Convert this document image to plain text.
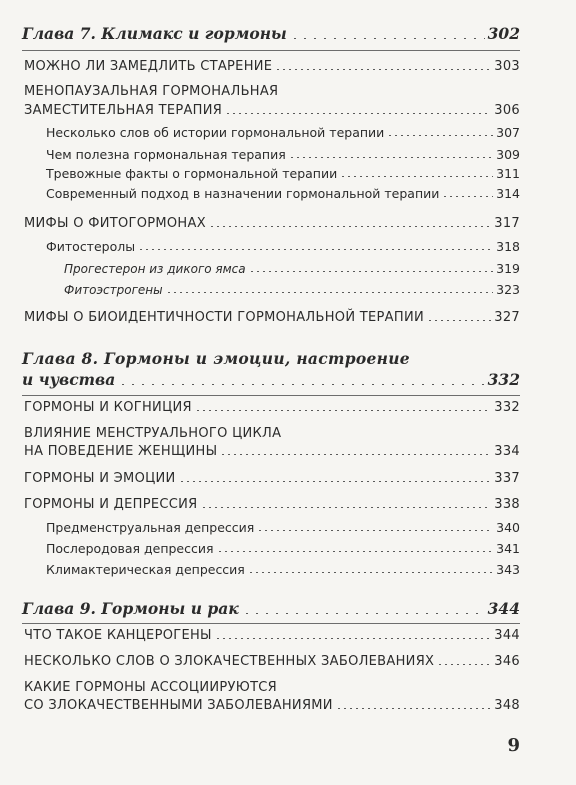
Глава 7. Климакс и гормоны	302
МОЖНО ЛИ ЗАМЕДЛИТЬ СТАРЕНИЕ	303
МЕНОПАУЗАЛЬНАЯ ГОРМОНАЛЬНАЯ
ЗАМЕСТИТЕЛЬНАЯ ТЕРАПИЯ	306
Несколько слов об истории гормональной терапии	307
Чем полезна гормональная терапия	309
Тревожные факты о гормональной терапии	311
Современный подход в назначении гормональной терапии	314
МИФЫ О ФИТОГОРМОНАХ	317
Фитостеролы	318
Прогестерон из дикого ямса	319
Фитоэстрогены	323
МИФЫ О БИОИДЕНТИЧНОСТИ ГОРМОНАЛЬНОЙ ТЕРАПИИ	327
Глава 8. Гормоны и эмоции, настроение
и чувства	332
ГОРМОНЫ И КОГНИЦИЯ	332
ВЛИЯНИЕ МЕНСТРУАЛЬНОГО ЦИКЛА
НА ПОВЕДЕНИЕ ЖЕНЩИНЫ	334
ГОРМОНЫ И ЭМОЦИИ	337
ГОРМОНЫ И ДЕПРЕССИЯ	338
Предменструальная депрессия	340
Послеродовая депрессия	341
Климактерическая депрессия	343
Глава 9. Гормоны и рак	344
ЧТО ТАКОЕ КАНЦЕРОГЕНЫ	344
НЕСКОЛЬКО СЛОВ О ЗЛОКАЧЕСТВЕННЫХ ЗАБОЛЕВАНИЯХ	346
КАКИЕ ГОРМОНЫ АССОЦИИРУЮТСЯ
СО ЗЛОКАЧЕСТВЕННЫМИ ЗАБОЛЕВАНИЯМИ	348
9
